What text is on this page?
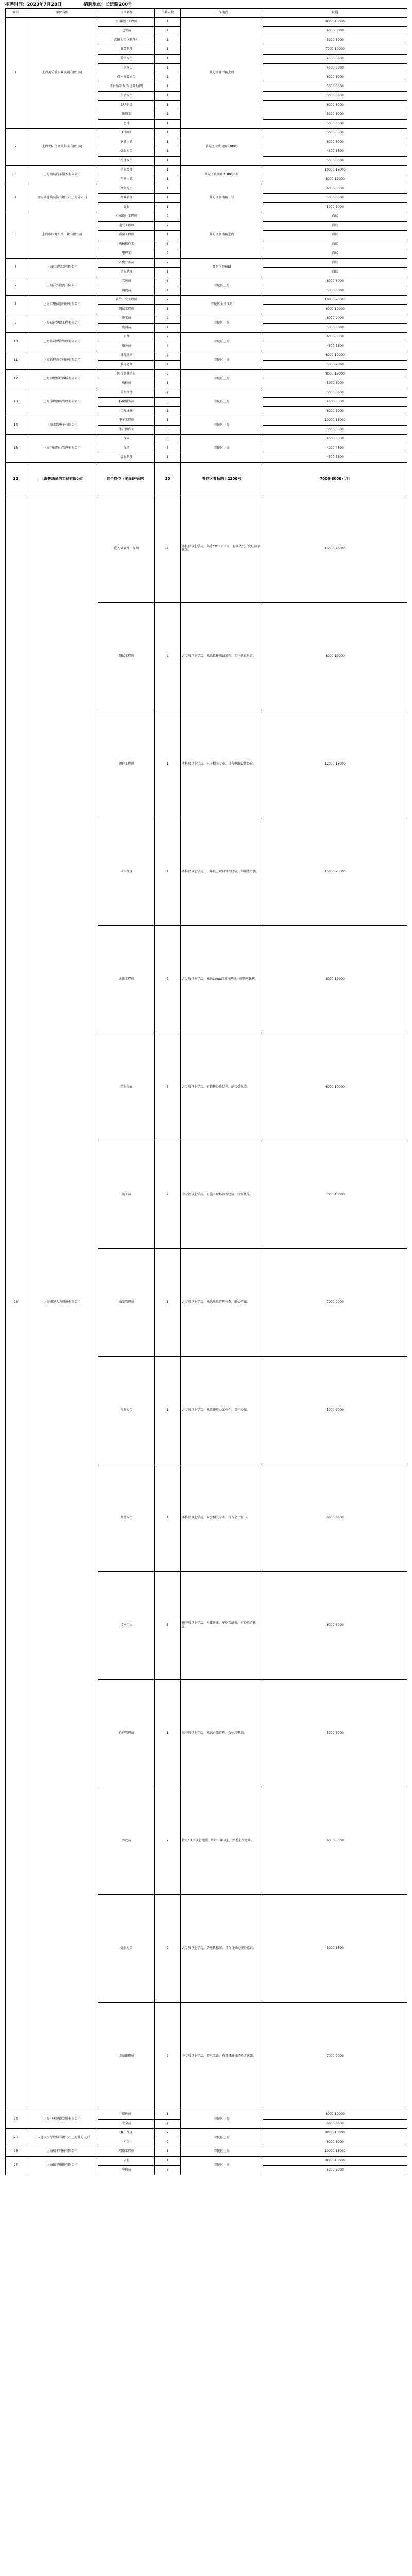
招聘时间：2023年7月28日	招聘地点：长远路200号
编号	单位名称	岗位名称	招聘人数	工作地点	待遇
1	上海美乐浦实业发展有限公司	医用设计工程师	1	普陀区浦泽路上海	8000-10000
		仓管员	1		4000-5000
		营销专员（助理）	1		5000-6000
		业务助理	1		7000-10000
		营销专员	1		4500-5000
		市场专员	1		4500-6000
		成本核算专员	1		6000-8000
		平台助手专员(运营助理)	1		5000-6000
		售后专员	1		5000-6000
		ERP专员	1		6000-8000
		维修工	1		5000-8000
		会计	1		5000-8000
2	上海太阳鸟物流科技有限公司	IT助理	1	普陀区大渡河路1300号	5000-5500
		仓储主管	1		6000-8000
		客服专员	1		4500-6500
		统计专员	1		5000-6000
3	上海领航汽车服务有限公司	销售经理	1	普陀区真南路2180号1层	10000-15000
		车间主管	1		8000-12000
4	金方圆建筑装饰有限公司上海分公司	文案专员	1	普陀区真南路二号	6000-8000
		物业管理	1		5000-6000
		客服	1		5000-7000
5	上海市巨龙机械工业有限公司	机械设计工程师	2	普陀区真南路上海	面议
		电气工程师	2		面议
		质量工程师	1		面议
		机械操作工	3		面议
		电焊工	2		面议
6	上海亚星贸易有限公司	外贸业务员	2	普陀区曹杨路	面议
		销售助理	1		面议
7	上海祥兴物流有限公司	驾驶员	3	普陀区上海	6000-8000
		调度员	1		5000-6000
8	上海汇聚信息科技有限公司	软件开发工程师	2	普陀区金沙江路	10000-20000
		测试工程师	1		8000-12000
9	上海宏达建设工程有限公司	施工员	2	普陀区上海	6000-9000
		资料员	1		5000-6000
10	上海华晨餐饮管理有限公司	厨师	2	普陀区上海	6000-8000
		服务员	4		4500-5500
11	上海新程教育科技有限公司	课程顾问	2	普陀区上海	6000-10000
		教务老师	1		5000-7000
12	上海康悦医疗器械有限公司	医疗器械销售	2	普陀区上海	8000-15000
		质检员	1		5000-6000
13	上海锦程酒店管理有限公司	前台接待	2	普陀区上海	5000-6000
		客房服务员	3		4500-5500
		工程维修	1		6000-7000
14	上海永盛电子有限公司	电子工程师	1	普陀区上海	10000-15000
		生产操作工	5		5000-6500
15	上海恒信物业管理有限公司	保安	5	普陀区上海	4500-5500
		保洁	3		4000-4500
		客服助理	1		4500-5500
22	上海数通通信工程有限公司	综合岗位（多岗位招聘）	20	普陀区曹杨路上2200号	7000-8000元/月
23	上海城建人力资源有限公司	嵌入式软件工程师	2	本科及以上学历，熟悉C/C++语言，有嵌入式开发经验者优先。	15000-20000
		测试工程师	2	大专及以上学历，熟悉软件测试流程，工作认真负责。	8000-12000
		硬件工程师	1	本科及以上学历，电子相关专业，具有电路设计经验。	12000-18000
		项目经理	1	本科及以上学历，三年以上项目管理经验，沟通能力强。	15000-25000
		运维工程师	2	大专及以上学历，熟悉Linux系统与网络，能适应轮班。	8000-12000
		销售代表	3	大专及以上学历，有销售经验优先，能接受出差。	6000-10000
		施工员	2	中专及以上学历，有施工现场管理经验，持证优先。	7000-10000
		质量管理员	1	大专及以上学历，熟悉质量管理体系，细心严谨。	7000-9000
		行政专员	1	大专及以上学历，熟练使用办公软件，责任心强。	5000-7000
		财务专员	1	本科及以上学历，财会相关专业，持有会计证书。	6000-8000
		技术工人	5	初中及以上学历，身体健康，能吃苦耐劳，有经验者优先。	6000-8000
		仓库管理员	1	高中及以上学历，熟悉仓储管理，会使用电脑。	5000-6000
		驾驶员	2	持有C1及以上驾照，驾龄三年以上，熟悉上海道路。	6000-8000
		客服专员	2	大专及以上学历，普通话标准，具有良好的服务意识。	5000-6500
		设备维修员	2	中专及以上学历，持电工证，有设备维修经验者优先。	7000-9000
24	上海中天建设发展有限公司	造价员	1	普陀区上海	8000-12000
		安全员	2		6000-8000
25	中国建设银行股份有限公司上海普陀支行	客户经理	2	普陀区上海	8000-15000
		柜员	2		6000-8000
26	上海瑞丰科技有限公司	网络工程师	1	普陀区上海	10000-15000
27	上海锦华服饰有限公司	店长	1	普陀区上海	8000-10000
		导购员	3		5000-7000
